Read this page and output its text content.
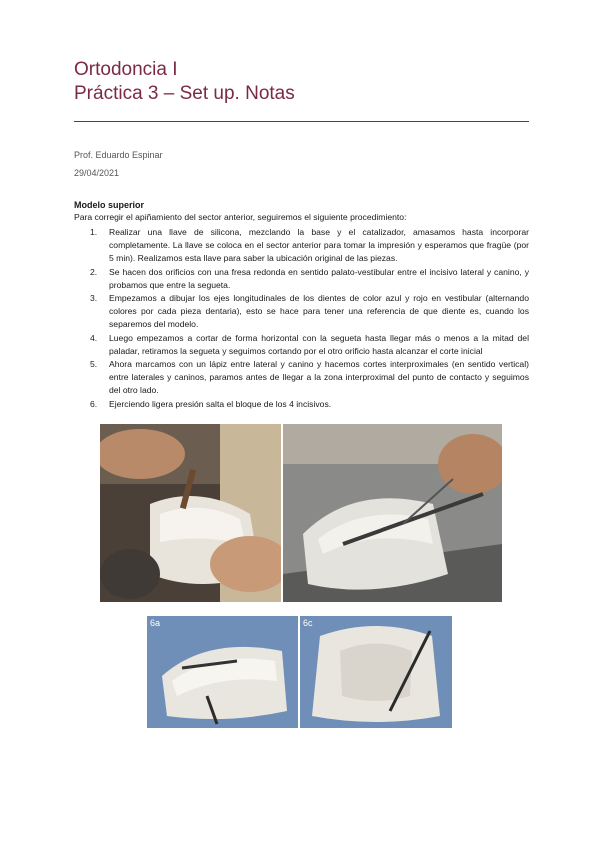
Ortodoncia I
Práctica 3 – Set up. Notas
Prof. Eduardo Espinar
29/04/2021
Modelo superior
Para corregir el apiñamiento del sector anterior, seguiremos el siguiente procedimiento:
1. Realizar una llave de silicona, mezclando la base y el catalizador, amasamos hasta incorporar completamente. La llave se coloca en el sector anterior para tomar la impresión y esperamos que fragüe (por 5 min). Realizamos esta llave para saber la ubicación original de las piezas.
2. Se hacen dos orificios con una fresa redonda en sentido palato-vestibular entre el incisivo lateral y canino, y probamos que entre la segueta.
3. Empezamos a dibujar los ejes longitudinales de los dientes de color azul y rojo en vestibular (alternando colores por cada pieza dentaria), esto se hace para tener una referencia de que diente es, cuando los separemos del modelo.
4. Luego empezamos a cortar de forma horizontal con la segueta hasta llegar más o menos a la mitad del paladar, retiramos la segueta y seguimos cortando por el otro orificio hasta alcanzar el corte inicial
5. Ahora marcamos con un lápiz entre lateral y canino y hacemos cortes interproximales (en sentido vertical) entre laterales y caninos, paramos antes de llegar a la zona interproximal del punto de contacto y seguimos del otro lado.
6. Ejerciendo ligera presión salta el bloque de los 4 incisivos.
6a	6c
